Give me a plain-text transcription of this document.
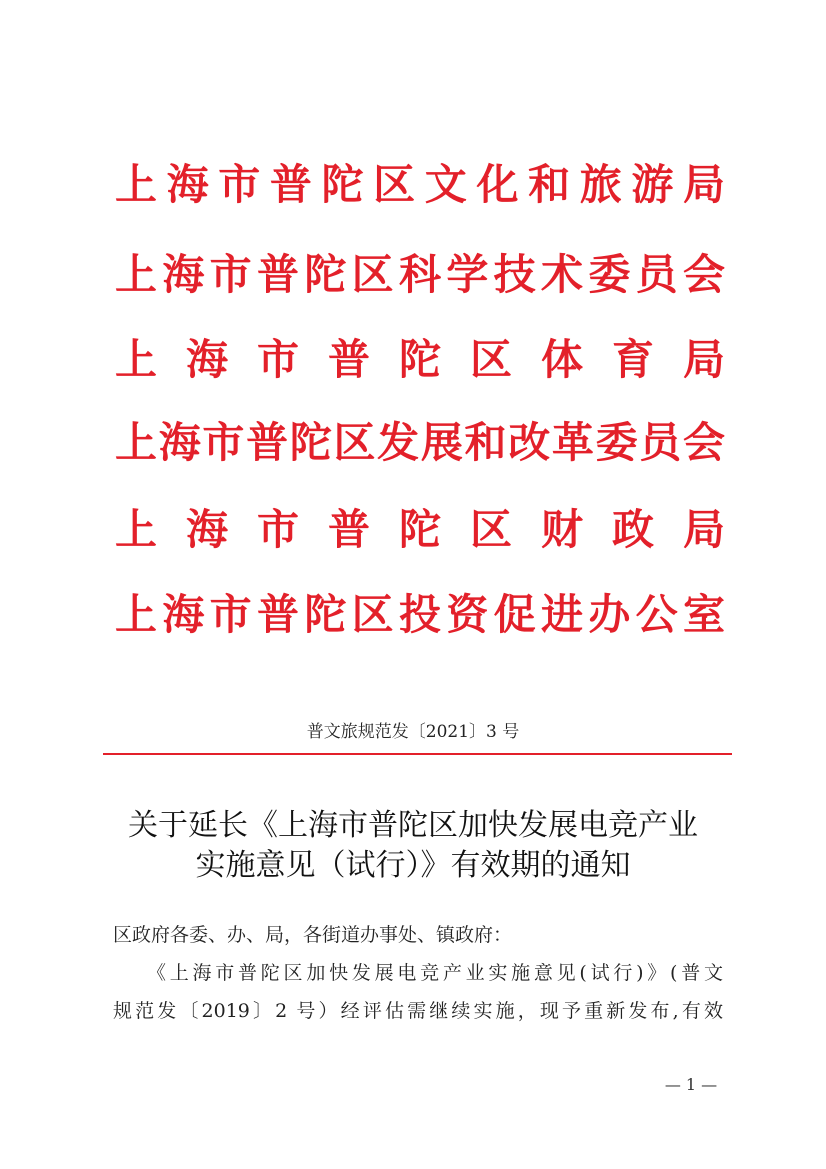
上海市普陀区文化和旅游局
上海市普陀区科学技术委员会
上海市普陀区体育局
上海市普陀区发展和改革委员会
上海市普陀区财政局
上海市普陀区投资促进办公室
普文旅规范发〔2021〕3 号
关于延长《上海市普陀区加快发展电竞产业
实施意见（试行）》有效期的通知
区政府各委、办、局，各街道办事处、镇政府：
《上海市普陀区加快发展电竞产业实施意见(试行)》(普文
规范发〔2019〕2 号）经评估需继续实施，现予重新发布,有效
— 1 —
